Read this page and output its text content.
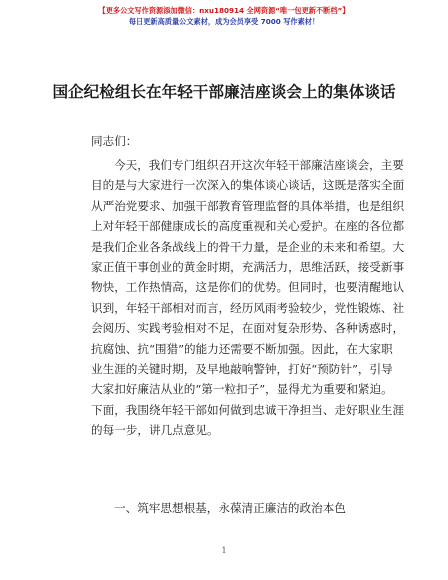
【更多公文写作资源添加微信：nxu180914 全网资源“唯一包更新不断档”】
每日更新高质量公文素材，成为会员享受 7000 写作素材！
国企纪检组长在年轻干部廉洁座谈会上的集体谈话
同志们：
今天，我们专门组织召开这次年轻干部廉洁座谈会，主要
目的是与大家进行一次深入的集体谈心谈话，这既是落实全面
从严治党要求、加强干部教育管理监督的具体举措，也是组织
上对年轻干部健康成长的高度重视和关心爱护。在座的各位都
是我们企业各条战线上的骨干力量，是企业的未来和希望。大
家正值干事创业的黄金时期，充满活力，思维活跃，接受新事
物快，工作热情高，这是你们的优势。但同时，也要清醒地认
识到，年轻干部相对而言，经历风雨考验较少，党性锻炼、社
会阅历、实践考验相对不足，在面对复杂形势、各种诱惑时，
抗腐蚀、抗“围猎”的能力还需要不断加强。因此，在大家职
业生涯的关键时期，及早地敲响警钟，打好“预防针”，引导
大家扣好廉洁从业的“第一粒扣子”，显得尤为重要和紧迫。
下面，我围绕年轻干部如何做到忠诚干净担当、走好职业生涯
的每一步，讲几点意见。
一、筑牢思想根基，永葆清正廉洁的政治本色
1
